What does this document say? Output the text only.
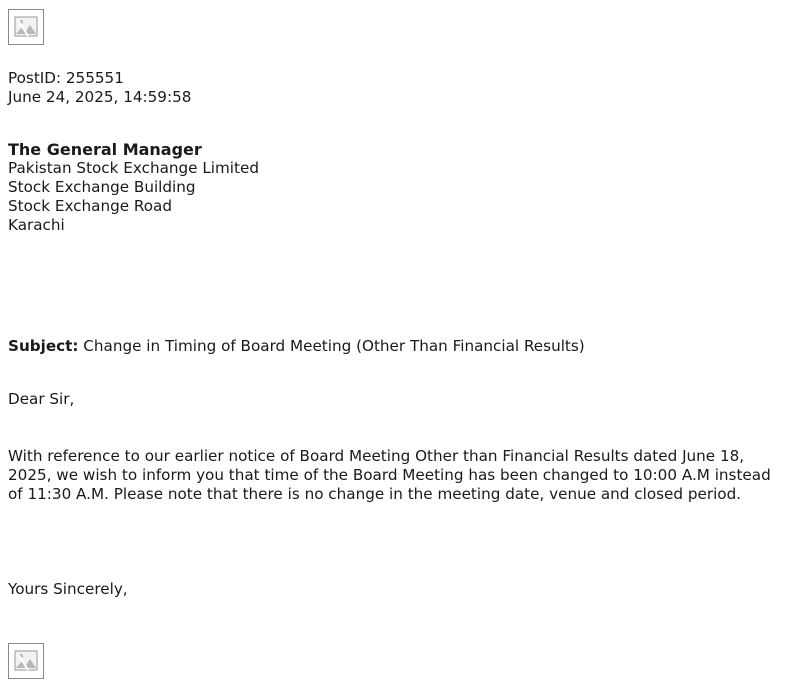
PostID: 255551
June 24, 2025, 14:59:58
The General Manager
Pakistan Stock Exchange Limited
Stock Exchange Building
Stock Exchange Road
Karachi
Subject: Change in Timing of Board Meeting (Other Than Financial Results)
Dear Sir,
With reference to our earlier notice of Board Meeting Other than Financial Results dated June 18, 2025, we wish to inform you that time of the Board Meeting has been changed to 10:00 A.M instead of 11:30 A.M. Please note that there is no change in the meeting date, venue and closed period.
Yours Sincerely,
